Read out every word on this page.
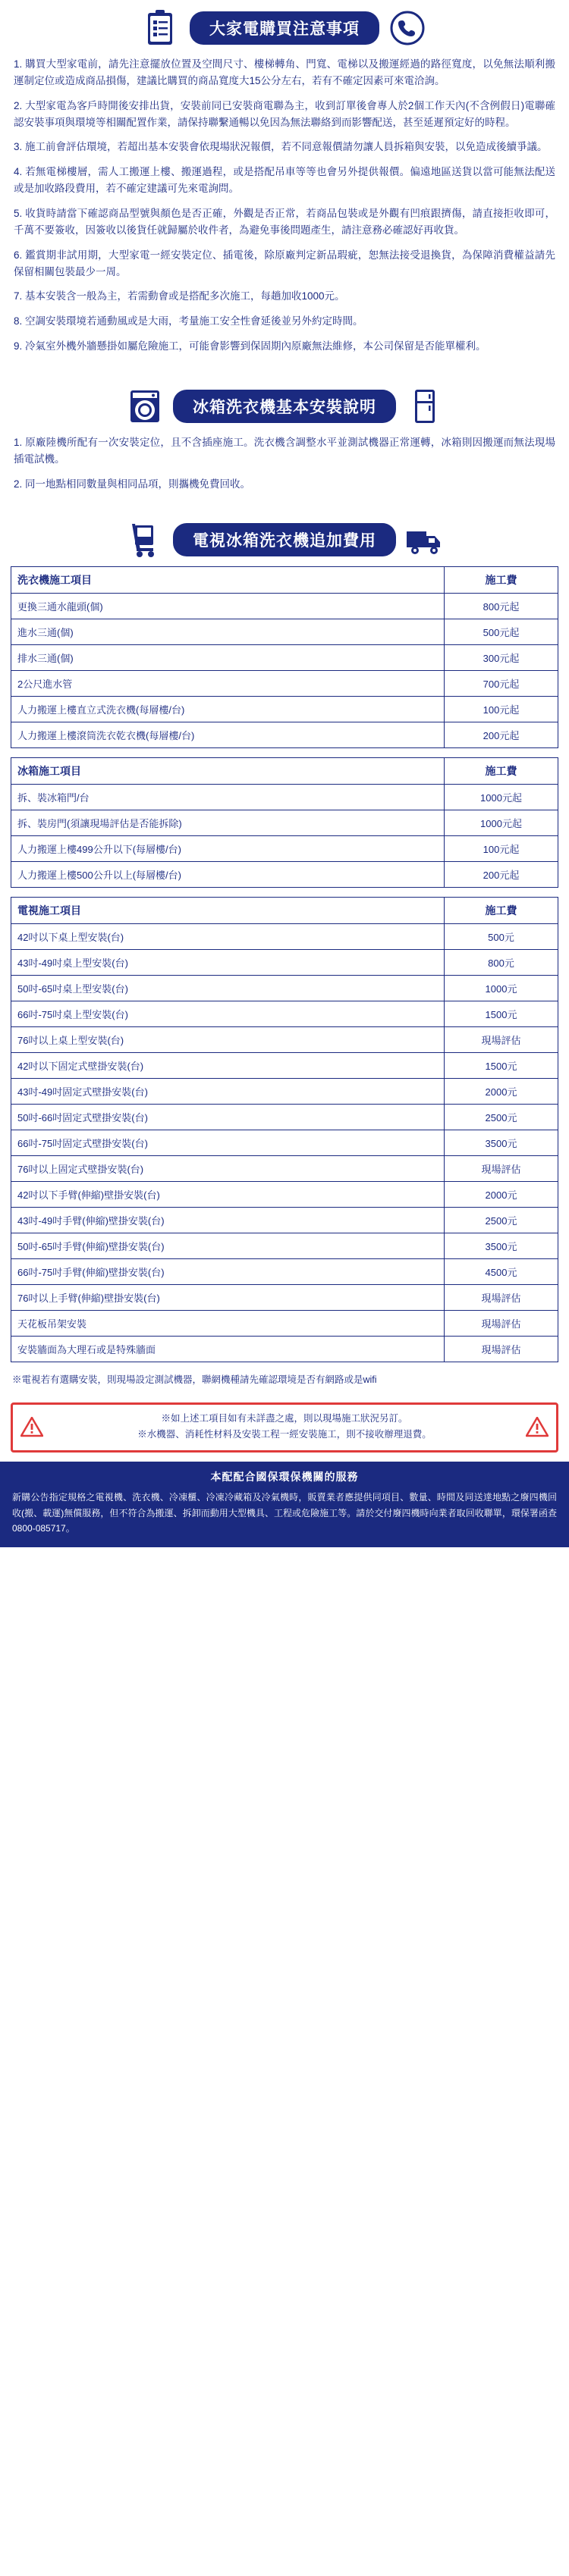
大家電購買注意事項

1. 購買大型家電前，請先注意擺放位置及空間尺寸、樓梯轉角、門寬、電梯以及搬運經過的路徑寬度，以免無法順利搬運制定位或造成商品損傷，建議比購買的商品寬度大15公分左右，若有不確定因素可來電洽詢。

2. 大型家電為客戶時開後安排出貨，安裝前同已安裝商電聯為主，收到訂單後會專人於2個工作天內(不含例假日)電聯確認安裝事項與環境等相關配置作業，請保持聯繫通暢以免因為無法聯絡到而影響配送，甚至延遲預定好的時程。

3. 施工前會評估環境，若超出基本安裝會依現場狀況報價，若不同意報價請勿讓人員拆箱與安裝，以免造成後續爭議。

4. 若無電梯樓層，需人工搬運上樓、搬運過程，或是搭配吊車等等也會另外提供報價。偏遠地區送貨以當可能無法配送或是加收路段費用，若不確定建議可先來電詢問。

5. 收貨時請當下確認商品型號與顏色是否正確，外觀是否正常，若商品包裝或是外觀有凹痕跟擠傷，請直接拒收即可，千萬不要簽收，因簽收以後貨任就歸屬於收件者，為避免事後問題產生，請注意務必確認好再收貨。

6. 鑑賞期非試用期，大型家電一經安裝定位、插電後，除原廠判定新品瑕疵，恕無法接受退換貨，為保障消費權益請先保留相關包裝最少一周。

7. 基本安裝含一般為主，若需動會或是搭配多次施工，每趟加收1000元。

8. 空調安裝環境若通動風或是大雨，考量施工安全性會延後並另外約定時間。

9. 冷氣室外機外牆懸掛如屬危險施工，可能會影響到保固期內原廠無法維修，本公司保留是否能單權利。

冰箱洗衣機基本安裝說明

1. 原廠陸機所配有一次安裝定位，且不含插座施工。洗衣機含調整水平並測試機器正常運轉，冰箱則因搬運而無法現場插電試機。

2. 同一地點相同數量與相同品項，則攜機免費回收。

電視冰箱洗衣機追加費用
洗衣機施工項目	施工費
更換三通水龍頭(個)	800元起
進水三通(個)	500元起
排水三通(個)	300元起
2公尺進水管	700元起
人力搬運上樓直立式洗衣機(每層樓/台)	100元起
人力搬運上樓滾筒洗衣乾衣機(每層樓/台)	200元起
冰箱施工項目	施工費
拆、裝冰箱門/台	1000元起
拆、裝房門(須讓現場評估是否能拆除)	1000元起
人力搬運上樓499公升以下(每層樓/台)	100元起
人力搬運上樓500公升以上(每層樓/台)	200元起
電視施工項目	施工費
42吋以下桌上型安裝(台)	500元
43吋-49吋桌上型安裝(台)	800元
50吋-65吋桌上型安裝(台)	1000元
66吋-75吋桌上型安裝(台)	1500元
76吋以上桌上型安裝(台)	現場評估
42吋以下固定式壁掛安裝(台)	1500元
43吋-49吋固定式壁掛安裝(台)	2000元
50吋-66吋固定式壁掛安裝(台)	2500元
66吋-75吋固定式壁掛安裝(台)	3500元
76吋以上固定式壁掛安裝(台)	現場評估
42吋以下手臂(伸縮)壁掛安裝(台)	2000元
43吋-49吋手臂(伸縮)壁掛安裝(台)	2500元
50吋-65吋手臂(伸縮)壁掛安裝(台)	3500元
66吋-75吋手臂(伸縮)壁掛安裝(台)	4500元
76吋以上手臂(伸縮)壁掛安裝(台)	現場評估
天花板吊架安裝	現場評估
安裝牆面為大理石或是特殊牆面	現場評估
※電視若有選購安裝，則現場設定測試機器，聯網機種請先確認環境是否有網路或是wifi
※如上述工項目如有未詳盡之處，則以現場施工狀況另訂。
※水機器、消耗性材料及安裝工程一經安裝施工，則不接收辦理退費。
本配配合國保環保機關的服務
新購公告指定規格之電視機、洗衣機、冷凍櫃、冷凍冷藏箱及冷氣機時，販賣業者應提供同項目、數量、時間及同送達地點之廢四機回收(搬、載運)無償服務，但不符合為搬運、拆卸而動用大型機具、工程或危險施工等。請於交付廢四機時向業者取回收聯單，環保署函查0800-085717。
